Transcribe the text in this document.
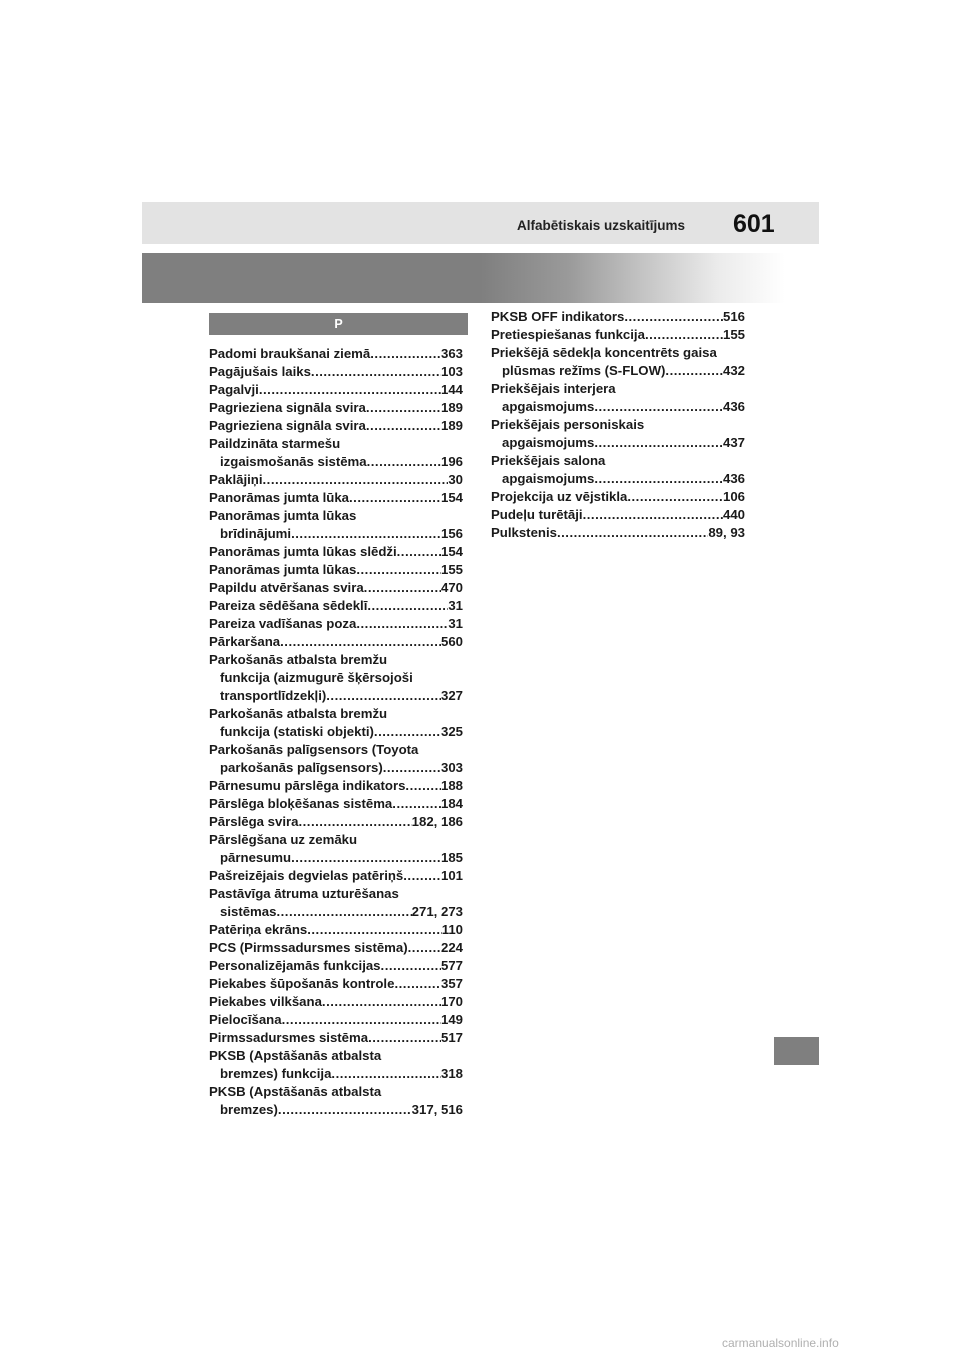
Alfabētiskais uzskaitījums 601
P
Padomi braukšanai ziemā .....	363
Pagājušais laiks .....	103
Pagalvji .....	144
Pagrieziena signāla svira .....	189
Pagrieziena signāla svira .....	189
Paildzināta starmešu
izgaismošanās sistēma .....	196
Paklājiņi .....	30
Panorāmas jumta lūka .....	154
Panorāmas jumta lūkas
brīdinājumi .....	156
Panorāmas jumta lūkas slēdži .....	154
Panorāmas jumta lūkas .....	155
Papildu atvēršanas svira .....	470
Pareiza sēdēšana sēdeklī .....	31
Pareiza vadīšanas poza .....	31
Pārkaršana .....	560
Parkošanās atbalsta bremžu
funkcija (aizmugurē šķērsojoši
transportlīdzekļi) .....	327
Parkošanās atbalsta bremžu
funkcija (statiski objekti) .....	325
Parkošanās palīgsensors (Toyota
parkošanās palīgsensors) .....	303
Pārnesumu pārslēga indikators .....	188
Pārslēga bloķēšanas sistēma .....	184
Pārslēga svira .....	182, 186
Pārslēgšana uz zemāku
pārnesumu .....	185
Pašreizējais degvielas patēriņš .....	101
Pastāvīga ātruma uzturēšanas
sistēmas .....	271, 273
Patēriņa ekrāns .....	110
PCS (Pirmssadursmes sistēma) .....	224
Personalizējamās funkcijas .....	577
Piekabes šūpošanās kontrole .....	357
Piekabes vilkšana .....	170
Pielocīšana .....	149
Pirmssadursmes sistēma .....	517
PKSB (Apstāšanās atbalsta
bremzes) funkcija .....	318
PKSB (Apstāšanās atbalsta
bremzes) .....	317, 516
PKSB OFF indikators .....	516
Pretiespiešanas funkcija .....	155
Priekšējā sēdekļa koncentrēts gaisa
plūsmas režīms (S-FLOW) .....	432
Priekšējais interjera
apgaismojums .....	436
Priekšējais personiskais
apgaismojums .....	437
Priekšējais salona
apgaismojums .....	436
Projekcija uz vējstikla .....	106
Pudeļu turētāji .....	440
Pulkstenis .....	89, 93
carmanualsonline.info
